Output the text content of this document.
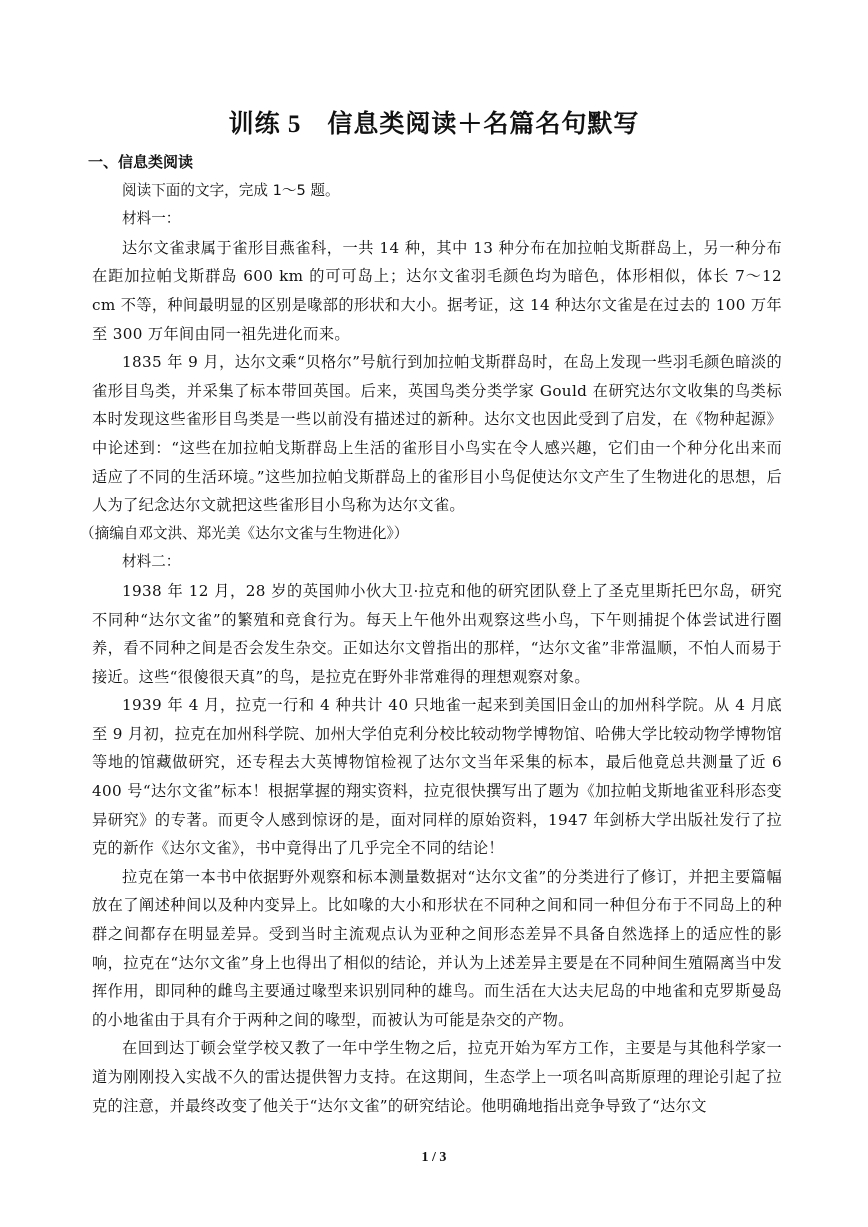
训练 5　信息类阅读＋名篇名句默写

一、信息类阅读

阅读下面的文字，完成 1～5 题。

材料一：

达尔文雀隶属于雀形目燕雀科，一共 14 种，其中 13 种分布在加拉帕戈斯群岛上，另一种分布在距加拉帕戈斯群岛 600 km 的可可岛上；达尔文雀羽毛颜色均为暗色，体形相似，体长 7～12 cm 不等，种间最明显的区别是喙部的形状和大小。据考证，这 14 种达尔文雀是在过去的 100 万年至 300 万年间由同一祖先进化而来。

1835 年 9 月，达尔文乘“贝格尔”号航行到加拉帕戈斯群岛时，在岛上发现一些羽毛颜色暗淡的雀形目鸟类，并采集了标本带回英国。后来，英国鸟类分类学家 Gould 在研究达尔文收集的鸟类标本时发现这些雀形目鸟类是一些以前没有描述过的新种。达尔文也因此受到了启发，在《物种起源》中论述到：“这些在加拉帕戈斯群岛上生活的雀形目小鸟实在令人感兴趣，它们由一个种分化出来而适应了不同的生活环境。”这些加拉帕戈斯群岛上的雀形目小鸟促使达尔文产生了生物进化的思想，后人为了纪念达尔文就把这些雀形目小鸟称为达尔文雀。

（摘编自邓文洪、郑光美《达尔文雀与生物进化》）

材料二：

1938 年 12 月，28 岁的英国帅小伙大卫·拉克和他的研究团队登上了圣克里斯托巴尔岛，研究不同种“达尔文雀”的繁殖和竞食行为。每天上午他外出观察这些小鸟，下午则捕捉个体尝试进行圈养，看不同种之间是否会发生杂交。正如达尔文曾指出的那样，“达尔文雀”非常温顺，不怕人而易于接近。这些“很傻很天真”的鸟，是拉克在野外非常难得的理想观察对象。

1939 年 4 月，拉克一行和 4 种共计 40 只地雀一起来到美国旧金山的加州科学院。从 4 月底至 9 月初，拉克在加州科学院、加州大学伯克利分校比较动物学博物馆、哈佛大学比较动物学博物馆等地的馆藏做研究，还专程去大英博物馆检视了达尔文当年采集的标本，最后他竟总共测量了近 6 400 号“达尔文雀”标本！根据掌握的翔实资料，拉克很快撰写出了题为《加拉帕戈斯地雀亚科形态变异研究》的专著。而更令人感到惊讶的是，面对同样的原始资料，1947 年剑桥大学出版社发行了拉克的新作《达尔文雀》，书中竟得出了几乎完全不同的结论！

拉克在第一本书中依据野外观察和标本测量数据对“达尔文雀”的分类进行了修订，并把主要篇幅放在了阐述种间以及种内变异上。比如喙的大小和形状在不同种之间和同一种但分布于不同岛上的种群之间都存在明显差异。受到当时主流观点认为亚种之间形态差异不具备自然选择上的适应性的影响，拉克在“达尔文雀”身上也得出了相似的结论，并认为上述差异主要是在不同种间生殖隔离当中发挥作用，即同种的雌鸟主要通过喙型来识别同种的雄鸟。而生活在大达夫尼岛的中地雀和克罗斯曼岛的小地雀由于具有介于两种之间的喙型，而被认为可能是杂交的产物。

在回到达丁顿会堂学校又教了一年中学生物之后，拉克开始为军方工作，主要是与其他科学家一道为刚刚投入实战不久的雷达提供智力支持。在这期间，生态学上一项名叫高斯原理的理论引起了拉克的注意，并最终改变了他关于“达尔文雀”的研究结论。他明确地指出竞争导致了“达尔文

1 / 3
